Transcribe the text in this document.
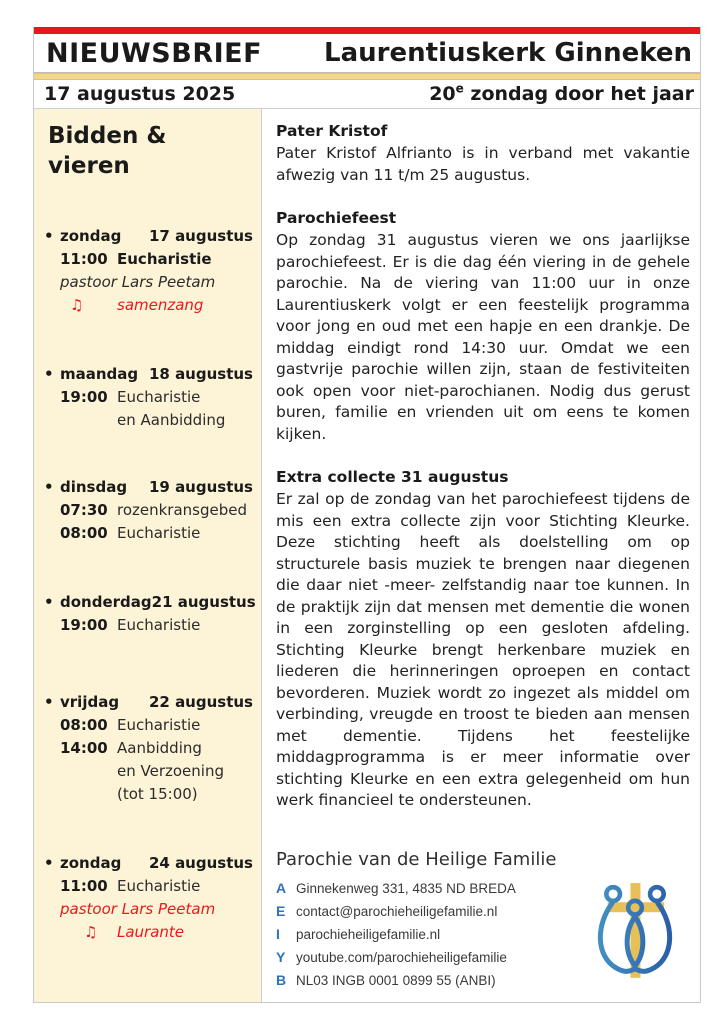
NIEUWSBRIEF Laurentiuskerk Ginneken
17 augustus 2025	20e zondag door het jaar
Bidden & vieren
• zondag 17 augustus
11:00 Eucharistie
pastoor Lars Peetam
♫	samenzang
• maandag 18 augustus
19:00 Eucharistie
en Aanbidding
• dinsdag 19 augustus
07:30 rozenkransgebed
08:00 Eucharistie
• donderdag 21 augustus
19:00 Eucharistie
• vrijdag 22 augustus
08:00 Eucharistie
14:00 Aanbidding
en Verzoening
(tot 15:00)
• zondag 24 augustus
11:00 Eucharistie
pastoor Lars Peetam
♫	Laurante
Pater Kristof

Pater Kristof Alfrianto is in verband met vakantie afwezig van 11 t/m 25 augustus.

Parochiefeest

Op zondag 31 augustus vieren we ons jaarlijkse parochiefeest. Er is die dag één viering in de gehele parochie. Na de viering van 11:00 uur in onze Laurentiuskerk volgt er een feestelijk programma voor jong en oud met een hapje en een drankje. De middag eindigt rond 14:30 uur. Omdat we een gastvrije parochie willen zijn, staan de festiviteiten ook open voor niet-parochianen. Nodig dus gerust buren, familie en vrienden uit om eens te komen kijken.

Extra collecte 31 augustus

Er zal op de zondag van het parochiefeest tijdens de mis een extra collecte zijn voor Stichting Kleurke. Deze stichting heeft als doelstelling om op structurele basis muziek te brengen naar diegenen die daar niet -meer- zelfstandig naar toe kunnen. In de praktijk zijn dat mensen met dementie die wonen in een zorginstelling op een gesloten afdeling. Stichting Kleurke brengt herkenbare muziek en liederen die herinneringen oproepen en contact bevorderen. Muziek wordt zo ingezet als middel om verbinding, vreugde en troost te bieden aan mensen met dementie. Tijdens het feestelijke middagprogramma is er meer informatie over stichting Kleurke en een extra gelegenheid om hun werk financieel te ondersteunen.

Parochie van de Heilige Familie
A Ginnekenweg 331, 4835 ND BREDA
E contact@parochieheiligefamilie.nl
I	parochieheiligefamilie.nl
Y youtube.com/parochieheiligefamilie
B NL03 INGB 0001 0899 55 (ANBI)
